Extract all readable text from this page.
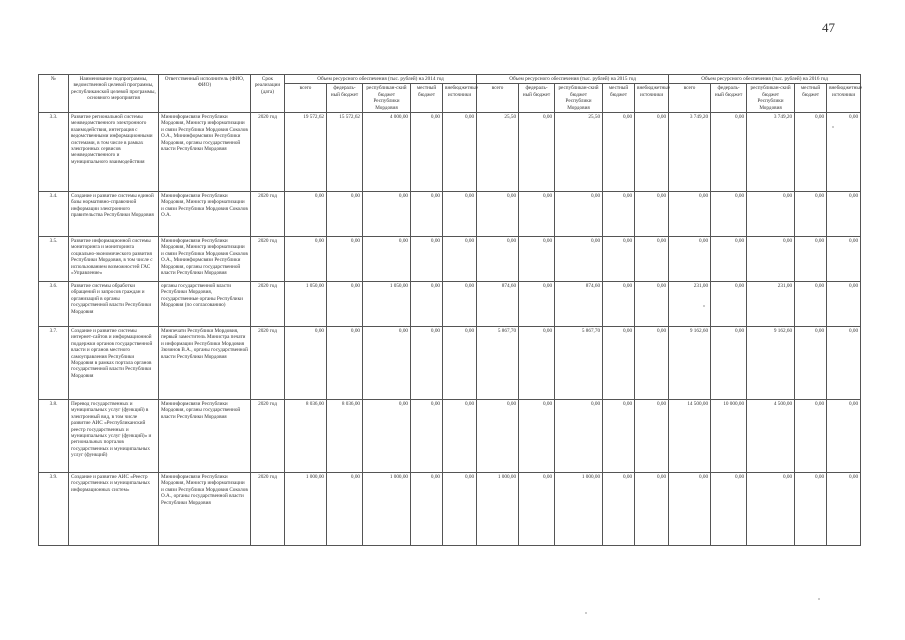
47
№	Наименование подпрограммы, ведомственной целевой программы, республиканской целевой программы, основного мероприятия	Ответственный исполнитель (ФИО, ФИО)	Срок реализации (дата)	Объем ресурсного обеспечения (тыс. рублей) на 2014 год					Объем ресурсного обеспечения (тыс. рублей) на 2015 год					Объем ресурсного обеспечения (тыс. рублей) на 2016 год				
				всего	федераль-ный бюджет	республикан-ский бюджет Республики Мордовия	местный бюджет	внебюджетные источники	всего	федераль-ный бюджет	республикан-ский бюджет Республики Мордовия	местный бюджет	внебюджетные источники	всего	федераль-ный бюджет	республикан-ский бюджет Республики Мордовия	местный бюджет	внебюджетные источники
3.3.	Развитие региональной системы межведомственного электронного взаимодействия, интеграция с ведомственными информационными системами, в том числе в рамках электронных сервисов межведомственного и муниципального взаимодействия	Мининформсвязи Республики Мордовия, Министр информатизации и связи Республики Мордовия Соколов О.А., Мининформсвязи Республики Мордовия, органы государственной власти Республики Мордовия	2020 год	19 572,62	15 572,62	4 000,00	0,00	0,00	25,50	0,00	25,50	0,00	0,00	3 749,20	0,00	3 749,20	0,00	0,00
3.4.	Создание и развитие системы единой базы нормативно-справочной информации электронного правительства Республики Мордовия	Мининформсвязи Республики Мордовия, Министр информатизации и связи Республики Мордовия Соколов О.А.	2020 год	0,00	0,00	0,00	0,00	0,00	0,00	0,00	0,00	0,00	0,00	0,00	0,00	0,00	0,00	0,00
3.5.	Развитие информационной системы мониторинга и мониторинга социально-экономического развития Республики Мордовия, в том числе с использованием возможностей ГАС «Управление»	Мининформсвязи Республики Мордовия, Министр информатизации и связи Республики Мордовия Соколов О.А., Мининформсвязи Республики Мордовия, органы государственной власти Республики Мордовия	2020 год	0,00	0,00	0,00	0,00	0,00	0,00	0,00	0,00	0,00	0,00	0,00	0,00	0,00	0,00	0,00
3.6.	Развитие системы обработки обращений и запросов граждан и организаций в органы государственной власти Республики Мордовия	органы государственной власти Республики Мордовия, государственные органы Республики Мордовия (по согласованию)	2020 год	1 050,00	0,00	1 050,00	0,00	0,00	874,60	0,00	874,60	0,00	0,00	231,00	0,00	231,00	0,00	0,00
3.7.	Создание и развитие системы интернет-сайтов и информационной поддержки органов государственной власти и органов местного самоуправления Республики Мордовия в рамках портала органов государственной власти Республики Мордовия	Минпечати Республики Мордовия, первый заместитель Министра печати и информации Республики Мордовия Зюзинов В.А., органы государственной власти Республики Мордовия	2020 год	0,00	0,00	0,00	0,00	0,00	5 867,70	0,00	5 867,70	0,00	0,00	9 162,60	0,00	9 162,60	0,00	0,00
3.8.	Перевод государственных и муниципальных услуг (функций) в электронный вид, в том числе развитие АИС «Республиканский реестр государственных и муниципальных услуг (функций)» и региональных порталов государственных и муниципальных услуг (функций)	Мининформсвязи Республики Мордовия, органы государственной власти Республики Мордовия	2020 год	8 036,00	8 036,00	0,00	0,00	0,00	0,00	0,00	0,00	0,00	0,00	14 500,00	10 000,00	4 500,00	0,00	0,00
3.9.	Создание и развитие АИС «Реестр государственных и муниципальных информационных систем»	Мининформсвязи Республики Мордовия, Министр информатизации и связи Республики Мордовия Соколов О.А., органы государственной власти Республики Мордовия	2020 год	1 000,00	0,00	1 000,00	0,00	0,00	1 000,00	0,00	1 000,00	0,00	0,00	0,00	0,00	0,00	0,00	0,00
